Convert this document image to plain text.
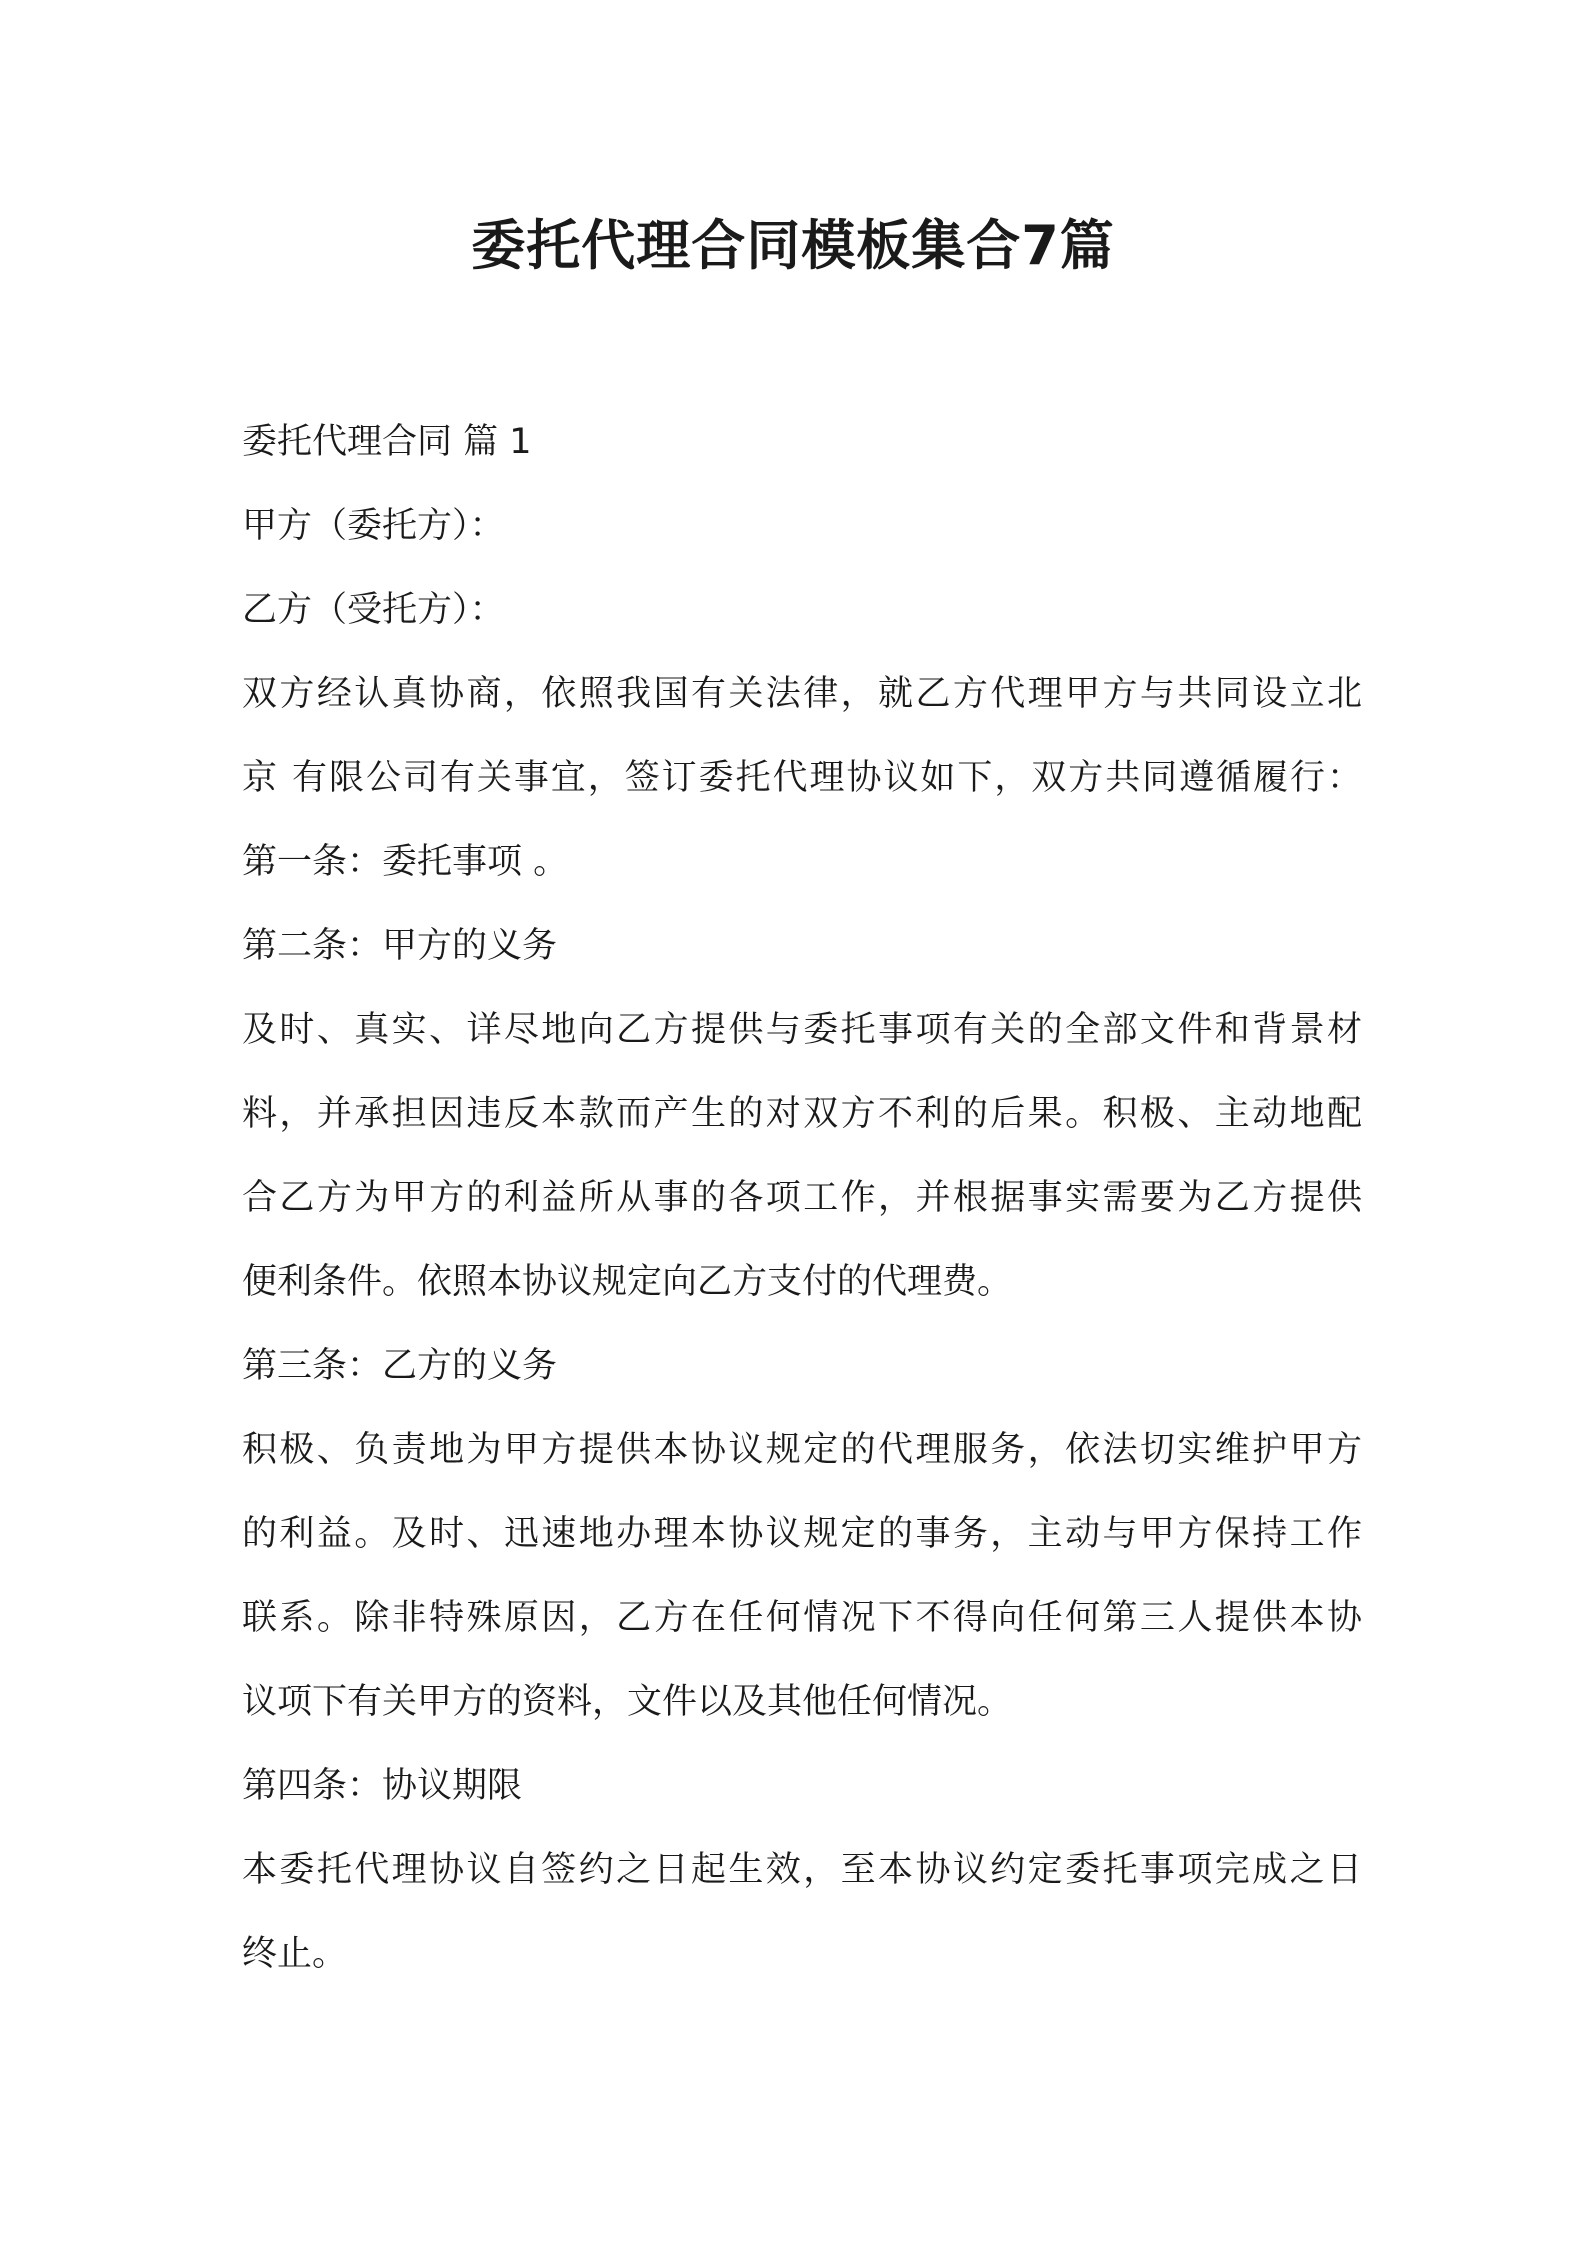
委托代理合同模板集合7篇
委托代理合同 篇 1
甲方（委托方）：
乙方（受托方）：
双方经认真协商，依照我国有关法律，就乙方代理甲方与共同设立北
京 有限公司有关事宜，签订委托代理协议如下，双方共同遵循履行：
第一条：委托事项 。
第二条：甲方的义务
及时、真实、详尽地向乙方提供与委托事项有关的全部文件和背景材
料，并承担因违反本款而产生的对双方不利的后果。积极、主动地配
合乙方为甲方的利益所从事的各项工作，并根据事实需要为乙方提供
便利条件。依照本协议规定向乙方支付的代理费。
第三条：乙方的义务
积极、负责地为甲方提供本协议规定的代理服务，依法切实维护甲方
的利益。及时、迅速地办理本协议规定的事务，主动与甲方保持工作
联系。除非特殊原因，乙方在任何情况下不得向任何第三人提供本协
议项下有关甲方的资料，文件以及其他任何情况。
第四条：协议期限
本委托代理协议自签约之日起生效，至本协议约定委托事项完成之日
终止。
